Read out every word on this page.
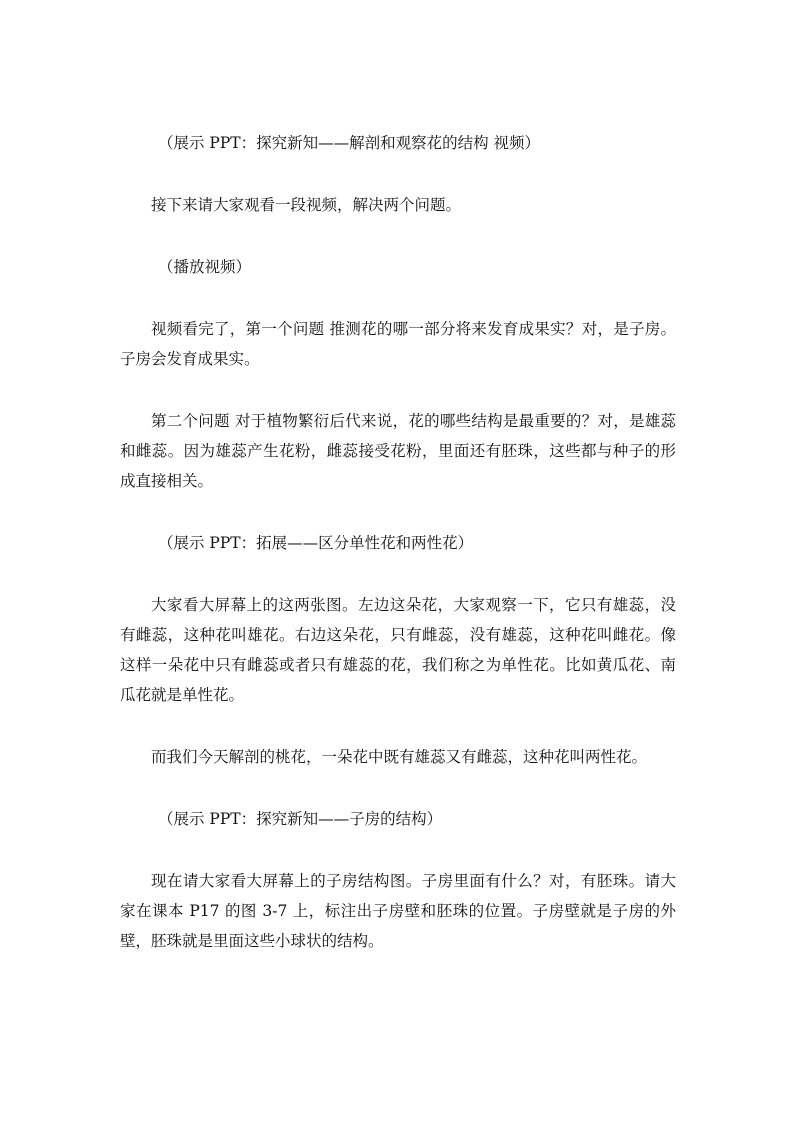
（展示 PPT：探究新知——解剖和观察花的结构 视频）

接下来请大家观看一段视频，解决两个问题。

（播放视频）

视频看完了，第一个问题 推测花的哪一部分将来发育成果实？对，是子房。子房会发育成果实。

第二个问题 对于植物繁衍后代来说，花的哪些结构是最重要的？对，是雄蕊和雌蕊。因为雄蕊产生花粉，雌蕊接受花粉，里面还有胚珠，这些都与种子的形成直接相关。

（展示 PPT：拓展——区分单性花和两性花）

大家看大屏幕上的这两张图。左边这朵花，大家观察一下，它只有雄蕊，没有雌蕊，这种花叫雄花。右边这朵花，只有雌蕊，没有雄蕊，这种花叫雌花。像这样一朵花中只有雌蕊或者只有雄蕊的花，我们称之为单性花。比如黄瓜花、南瓜花就是单性花。

而我们今天解剖的桃花，一朵花中既有雄蕊又有雌蕊，这种花叫两性花。

（展示 PPT：探究新知——子房的结构）

现在请大家看大屏幕上的子房结构图。子房里面有什么？对，有胚珠。请大家在课本 P17 的图 3-7 上，标注出子房壁和胚珠的位置。子房壁就是子房的外壁，胚珠就是里面这些小球状的结构。
